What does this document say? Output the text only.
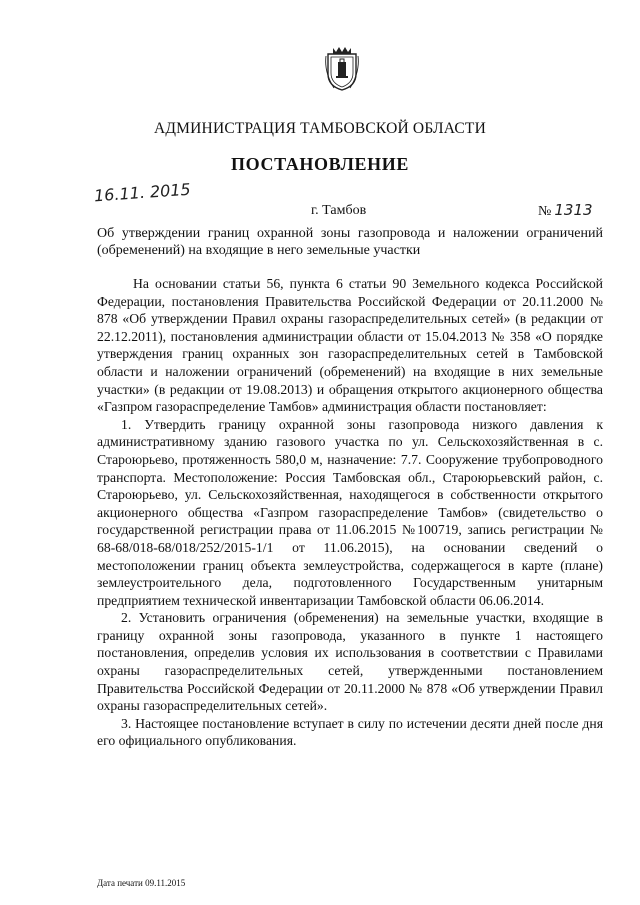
АДМИНИСТРАЦИЯ ТАМБОВСКОЙ ОБЛАСТИ
ПОСТАНОВЛЕНИЕ
16.11. 2015
г. Тамбов	№ 1313
Об утверждении границ охранной зоны газопровода и наложении ограничений (обременений) на входящие в него земельные участки

На основании статьи 56, пункта 6 статьи 90 Земельного кодекса Российской Федерации, постановления Правительства Российской Федерации от 20.11.2000 № 878 «Об утверждении Правил охраны газораспределительных сетей» (в редакции от 22.12.2011), постановления администрации области от 15.04.2013 № 358 «О порядке утверждения границ охранных зон газораспределительных сетей в Тамбовской области и наложении ограничений (обременений) на входящие в них земельные участки» (в редакции от 19.08.2013) и обращения открытого акционерного общества «Газпром газораспределение Тамбов» администрация области постановляет:

1. Утвердить границу охранной зоны газопровода низкого давления к административному зданию газового участка по ул. Сельскохозяйственная в с. Староюрьево, протяженность 580,0 м, назначение: 7.7. Сооружение трубопроводного транспорта. Местоположение: Россия Тамбовская обл., Староюрьевский район, с. Староюрьево, ул. Сельскохозяйственная, находящегося в собственности открытого акционерного общества «Газпром газораспределение Тамбов» (свидетельство о государственной регистрации права от 11.06.2015 №100719, запись регистрации № 68-68/018-68/018/252/2015-1/1 от 11.06.2015), на основании сведений о местоположении границ объекта землеустройства, содержащегося в карте (плане) землеустроительного дела, подготовленного Государственным унитарным предприятием технической инвентаризации Тамбовской области 06.06.2014.

2. Установить ограничения (обременения) на земельные участки, входящие в границу охранной зоны газопровода, указанного в пункте 1 настоящего постановления, определив условия их использования в соответствии с Правилами охраны газораспределительных сетей, утвержденными постановлением Правительства Российской Федерации от 20.11.2000 № 878 «Об утверждении Правил охраны газораспределительных сетей».

3. Настоящее постановление вступает в силу по истечении десяти дней после дня его официального опубликования.

Дата печати 09.11.2015
